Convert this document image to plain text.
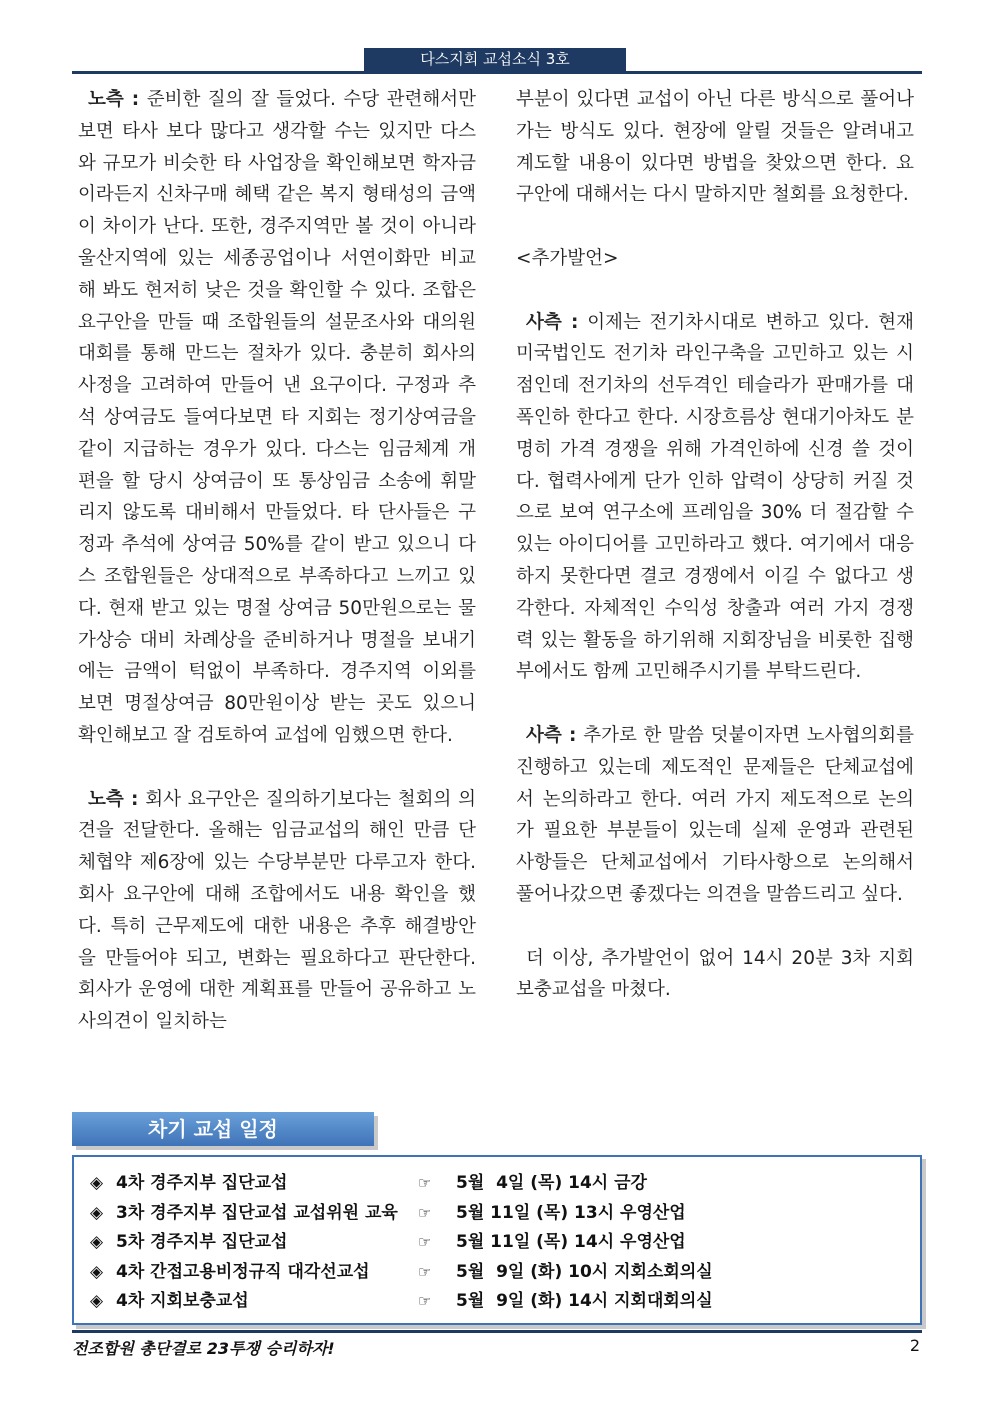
다스지회 교섭소식 3호

노측 : 준비한 질의 잘 들었다. 수당 관련해서만 보면 타사 보다 많다고 생각할 수는 있지만 다스와 규모가 비슷한 타 사업장을 확인해보면 학자금이라든지 신차구매 혜택 같은 복지 형태성의 금액이 차이가 난다. 또한, 경주지역만 볼 것이 아니라 울산지역에 있는 세종공업이나 서연이화만 비교해 봐도 현저히 낮은 것을 확인할 수 있다. 조합은 요구안을 만들 때 조합원들의 설문조사와 대의원대회를 통해 만드는 절차가 있다. 충분히 회사의 사정을 고려하여 만들어 낸 요구이다. 구정과 추석 상여금도 들여다보면 타 지회는 정기상여금을 같이 지급하는 경우가 있다. 다스는 임금체계 개편을 할 당시 상여금이 또 통상임금 소송에 휘말리지 않도록 대비해서 만들었다. 타 단사들은 구정과 추석에 상여금 50%를 같이 받고 있으니 다스 조합원들은 상대적으로 부족하다고 느끼고 있다. 현재 받고 있는 명절 상여금 50만원으로는 물가상승 대비 차례상을 준비하거나 명절을 보내기에는 금액이 턱없이 부족하다. 경주지역 이외를 보면 명절상여금 80만원이상 받는 곳도 있으니 확인해보고 잘 검토하여 교섭에 임했으면 한다.

노측 : 회사 요구안은 질의하기보다는 철회의 의견을 전달한다. 올해는 임금교섭의 해인 만큼 단체협약 제6장에 있는 수당부분만 다루고자 한다. 회사 요구안에 대해 조합에서도 내용 확인을 했다. 특히 근무제도에 대한 내용은 추후 해결방안을 만들어야 되고, 변화는 필요하다고 판단한다. 회사가 운영에 대한 계획표를 만들어 공유하고 노사의견이 일치하는

부분이 있다면 교섭이 아닌 다른 방식으로 풀어나가는 방식도 있다. 현장에 알릴 것들은 알려내고 계도할 내용이 있다면 방법을 찾았으면 한다. 요구안에 대해서는 다시 말하지만 철회를 요청한다.

<추가발언>

사측 : 이제는 전기차시대로 변하고 있다. 현재 미국법인도 전기차 라인구축을 고민하고 있는 시점인데 전기차의 선두격인 테슬라가 판매가를 대폭인하 한다고 한다. 시장흐름상 현대기아차도 분명히 가격 경쟁을 위해 가격인하에 신경 쓸 것이다. 협력사에게 단가 인하 압력이 상당히 커질 것으로 보여 연구소에 프레임을 30% 더 절감할 수 있는 아이디어를 고민하라고 했다. 여기에서 대응하지 못한다면 결코 경쟁에서 이길 수 없다고 생각한다. 자체적인 수익성 창출과 여러 가지 경쟁력 있는 활동을 하기위해 지회장님을 비롯한 집행부에서도 함께 고민해주시기를 부탁드린다.

사측 : 추가로 한 말씀 덧붙이자면 노사협의회를 진행하고 있는데 제도적인 문제들은 단체교섭에서 논의하라고 한다. 여러 가지 제도적으로 논의가 필요한 부분들이 있는데 실제 운영과 관련된 사항들은 단체교섭에서 기타사항으로 논의해서 풀어나갔으면 좋겠다는 의견을 말씀드리고 싶다.

더 이상, 추가발언이 없어 14시 20분 3차 지회보충교섭을 마쳤다.

차기 교섭 일정
◈ 4차 경주지부 집단교섭	☞ 5월  4일 (목) 14시 금강
◈ 3차 경주지부 집단교섭 교섭위원 교육 ☞ 5월 11일 (목) 13시 우영산업
◈ 5차 경주지부 집단교섭	☞ 5월 11일 (목) 14시 우영산업
◈ 4차 간접고용비정규직 대각선교섭	☞ 5월  9일 (화) 10시 지회소회의실
◈ 4차 지회보충교섭	☞ 5월  9일 (화) 14시 지회대회의실
전조합원 총단결로 23투쟁 승리하자!	2
